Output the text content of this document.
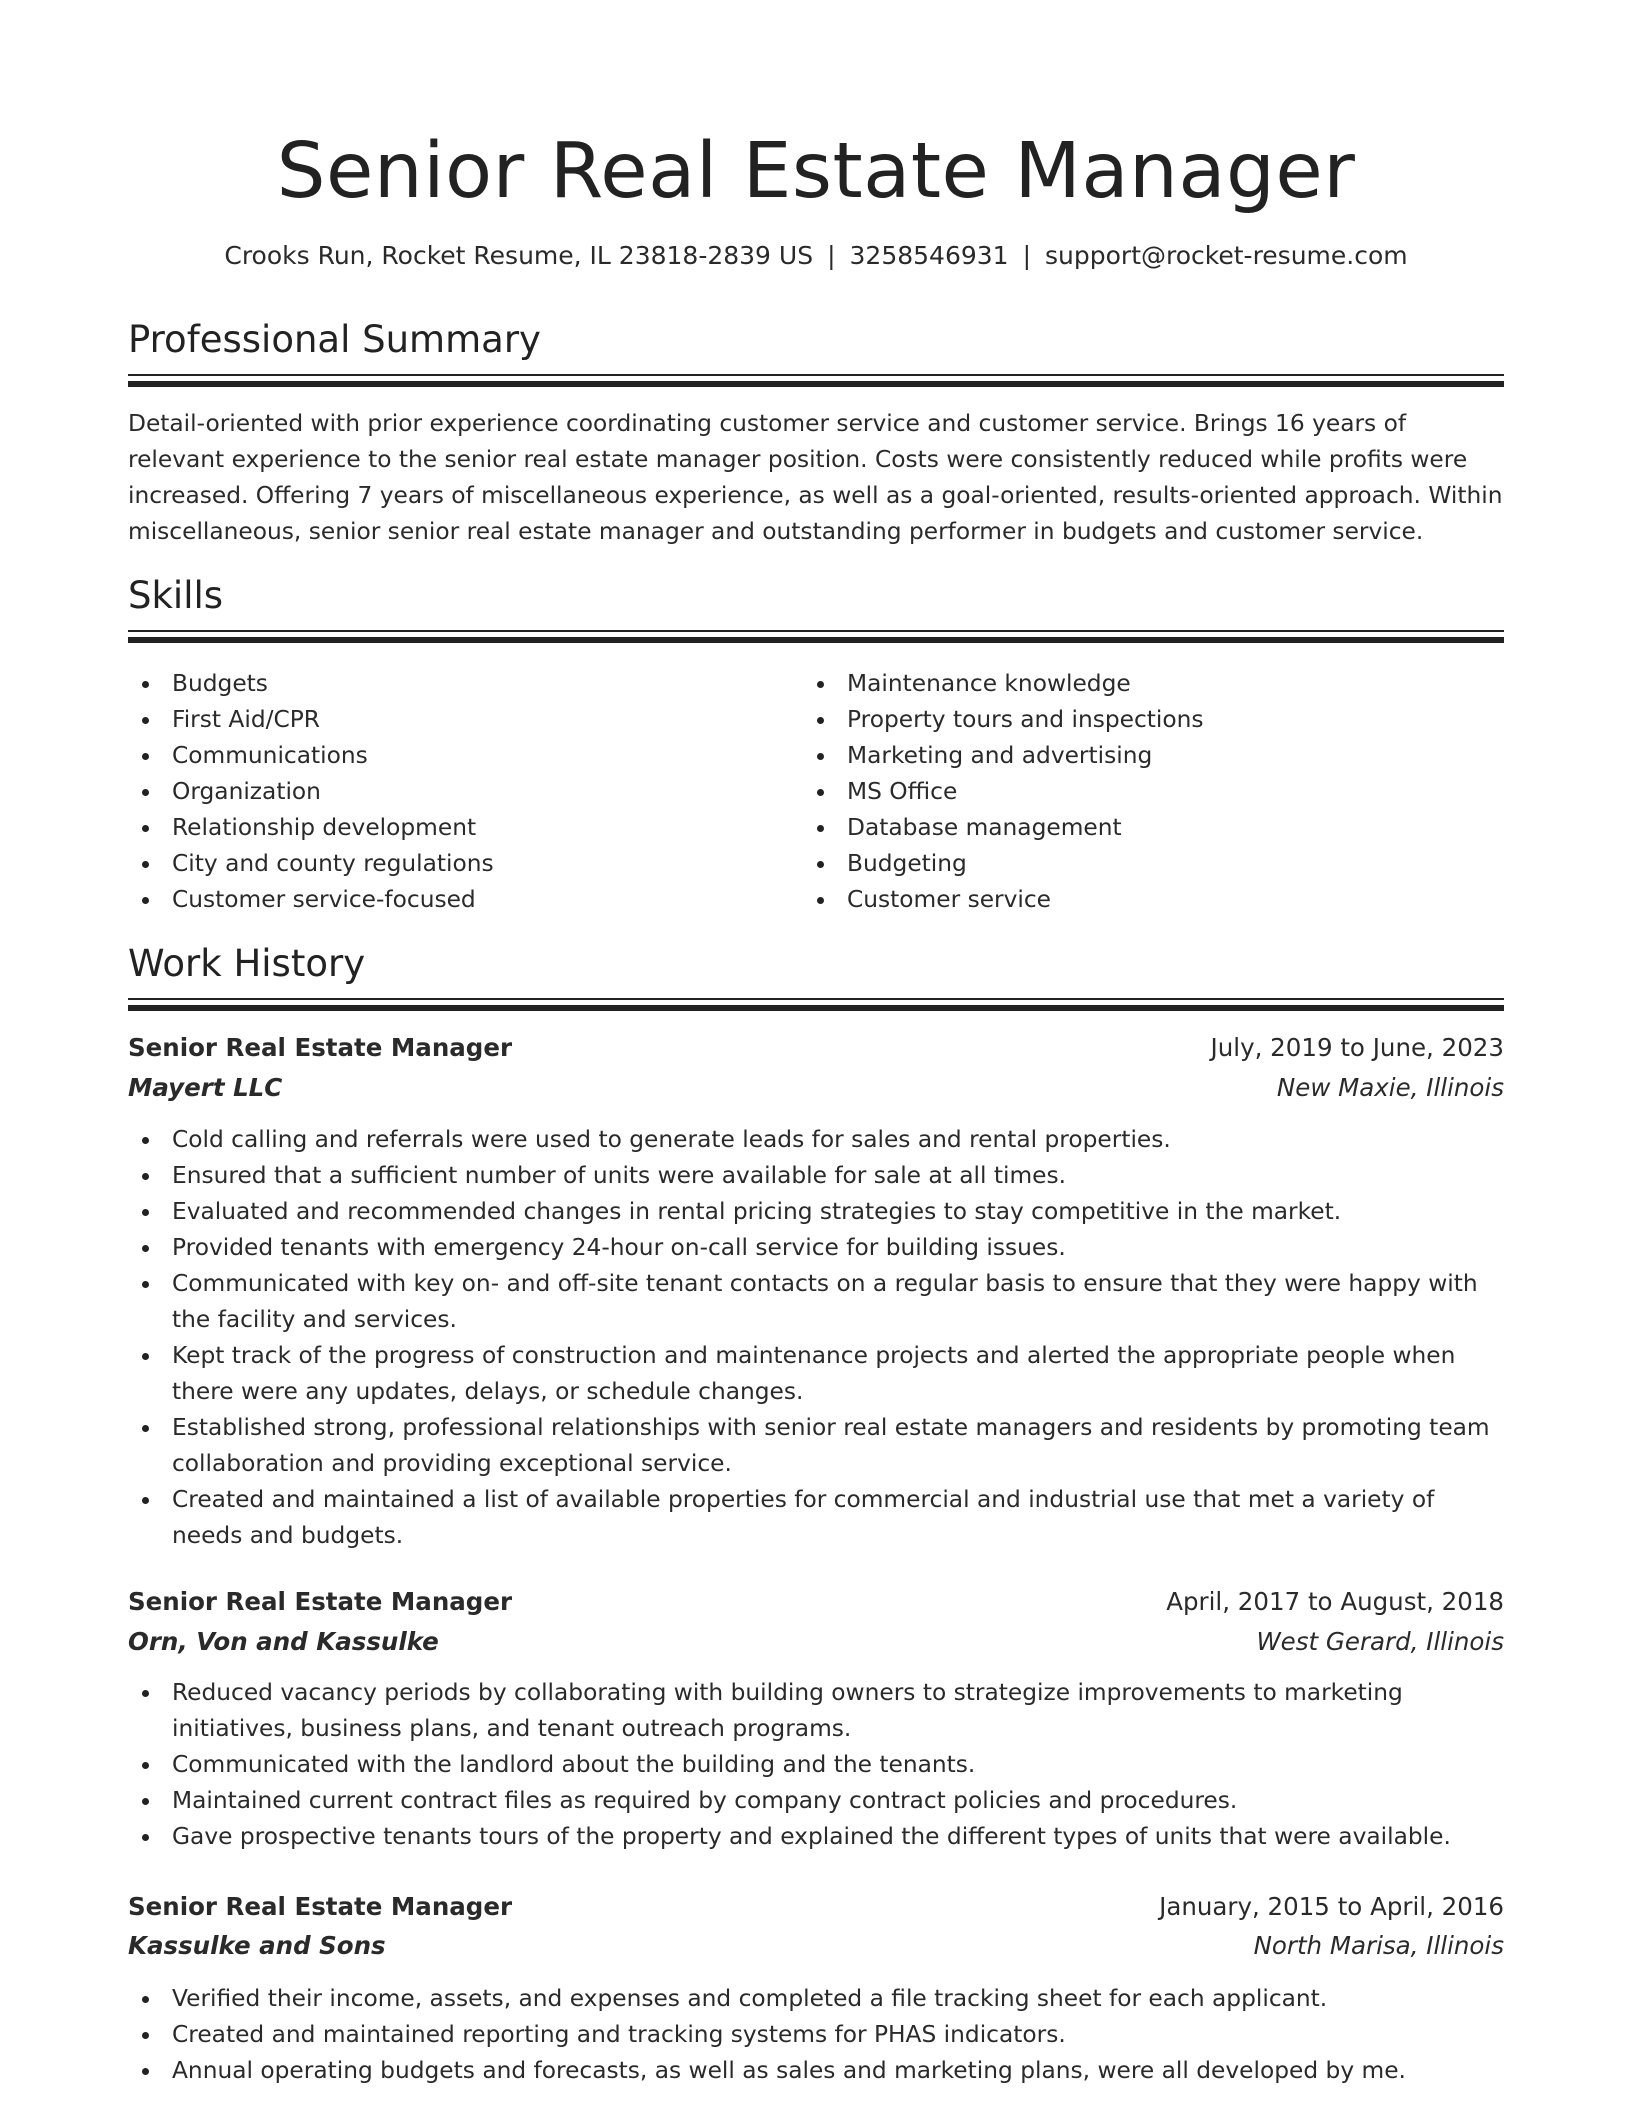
Senior Real Estate Manager
Crooks Run, Rocket Resume, IL 23818-2839 US | 3258546931 | support@rocket-resume.com
Professional Summary

Detail-oriented with prior experience coordinating customer service and customer service. Brings 16 years of relevant experience to the senior real estate manager position. Costs were consistently reduced while profits were increased. Offering 7 years of miscellaneous experience, as well as a goal-oriented, results-oriented approach. Within miscellaneous, senior senior real estate manager and outstanding performer in budgets and customer service.

Skills
Budgets
First Aid/CPR
Communications
Organization
Relationship development
City and county regulations
Customer service-focused
Maintenance knowledge
Property tours and inspections
Marketing and advertising
MS Office
Database management
Budgeting
Customer service
Work History
Senior Real Estate Manager	July, 2019 to June, 2023
Mayert LLC	New Maxie, Illinois
Cold calling and referrals were used to generate leads for sales and rental properties.
Ensured that a sufficient number of units were available for sale at all times.
Evaluated and recommended changes in rental pricing strategies to stay competitive in the market.
Provided tenants with emergency 24-hour on-call service for building issues.
Communicated with key on- and off-site tenant contacts on a regular basis to ensure that they were happy with the facility and services.
Kept track of the progress of construction and maintenance projects and alerted the appropriate people when there were any updates, delays, or schedule changes.
Established strong, professional relationships with senior real estate managers and residents by promoting team collaboration and providing exceptional service.
Created and maintained a list of available properties for commercial and industrial use that met a variety of needs and budgets.
Senior Real Estate Manager	April, 2017 to August, 2018
Orn, Von and Kassulke	West Gerard, Illinois
Reduced vacancy periods by collaborating with building owners to strategize improvements to marketing initiatives, business plans, and tenant outreach programs.
Communicated with the landlord about the building and the tenants.
Maintained current contract files as required by company contract policies and procedures.
Gave prospective tenants tours of the property and explained the different types of units that were available.
Senior Real Estate Manager	January, 2015 to April, 2016
Kassulke and Sons	North Marisa, Illinois
Verified their income, assets, and expenses and completed a file tracking sheet for each applicant.
Created and maintained reporting and tracking systems for PHAS indicators.
Annual operating budgets and forecasts, as well as sales and marketing plans, were all developed by me.
